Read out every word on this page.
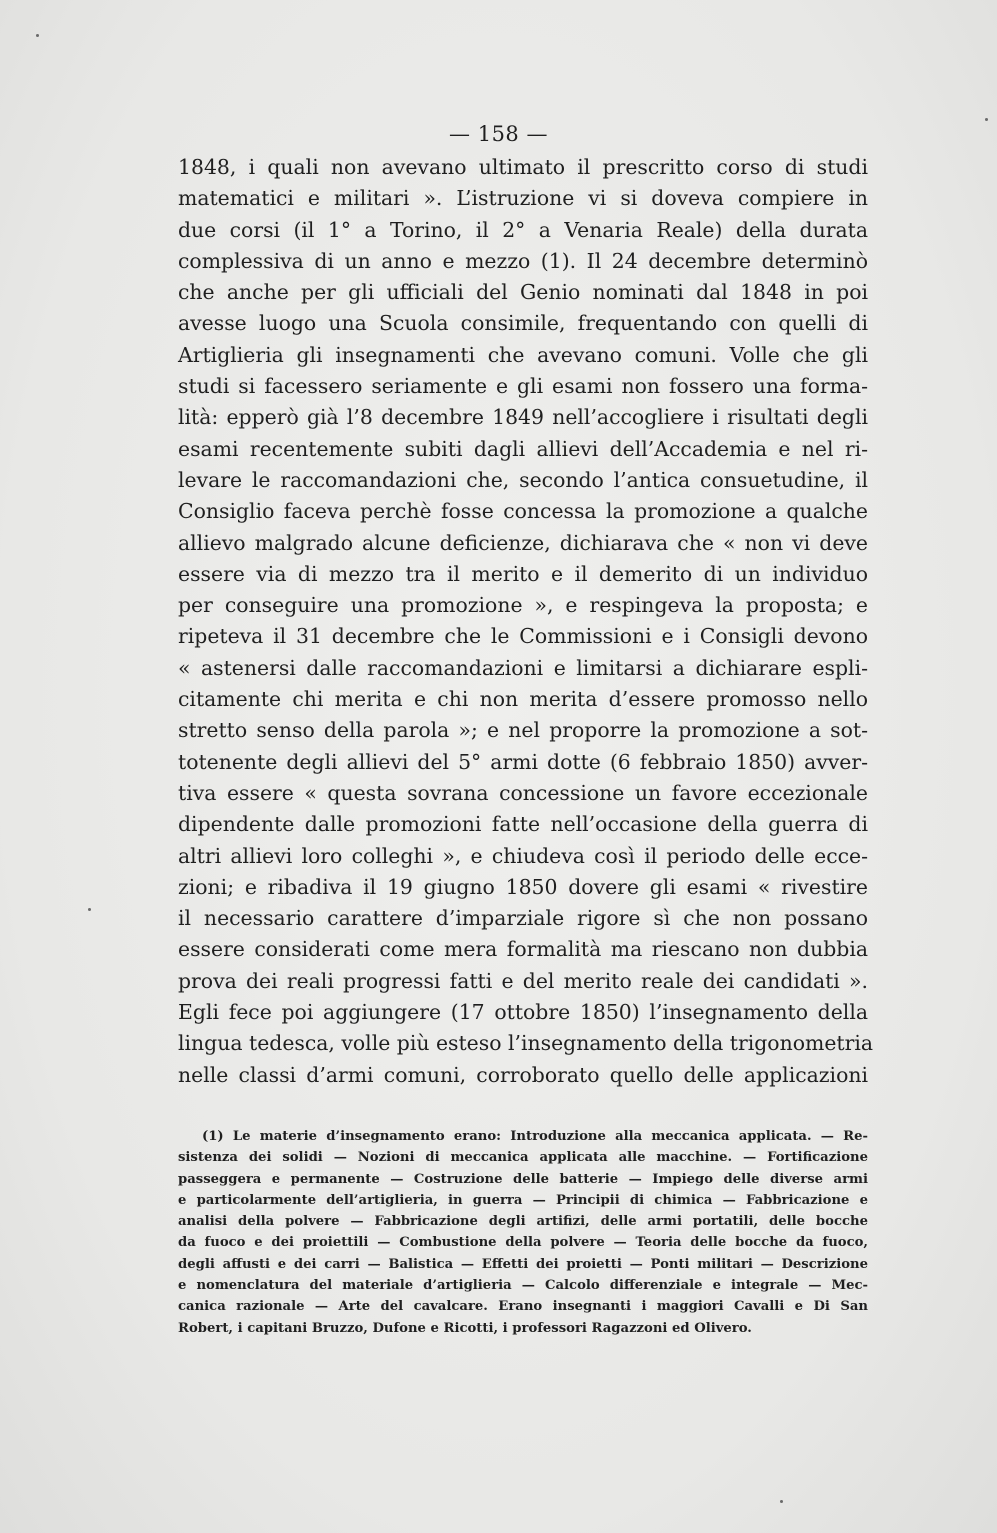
— 158 —
1848, i quali non avevano ultimato il prescritto corso di studi
matematici e militari ». L’istruzione vi si doveva compiere in
due corsi (il 1° a Torino, il 2° a Venaria Reale) della durata
complessiva di un anno e mezzo (1). Il 24 decembre determinò
che anche per gli ufficiali del Genio nominati dal 1848 in poi
avesse luogo una Scuola consimile, frequentando con quelli di
Artiglieria gli insegnamenti che avevano comuni. Volle che gli
studi si facessero seriamente e gli esami non fossero una forma-
lità: epperò già l’8 decembre 1849 nell’accogliere i risultati degli
esami recentemente subiti dagli allievi dell’Accademia e nel ri-
levare le raccomandazioni che, secondo l’antica consuetudine, il
Consiglio faceva perchè fosse concessa la promozione a qualche
allievo malgrado alcune deficienze, dichiarava che « non vi deve
essere via di mezzo tra il merito e il demerito di un individuo
per conseguire una promozione », e respingeva la proposta; e
ripeteva il 31 decembre che le Commissioni e i Consigli devono
« astenersi dalle raccomandazioni e limitarsi a dichiarare espli-
citamente chi merita e chi non merita d’essere promosso nello
stretto senso della parola »; e nel proporre la promozione a sot-
totenente degli allievi del 5° armi dotte (6 febbraio 1850) avver-
tiva essere « questa sovrana concessione un favore eccezionale
dipendente dalle promozioni fatte nell’occasione della guerra di
altri allievi loro colleghi », e chiudeva così il periodo delle ecce-
zioni; e ribadiva il 19 giugno 1850 dovere gli esami « rivestire
il necessario carattere d’imparziale rigore sì che non possano
essere considerati come mera formalità ma riescano non dubbia
prova dei reali progressi fatti e del merito reale dei candidati ».
Egli fece poi aggiungere (17 ottobre 1850) l’insegnamento della
lingua tedesca, volle più esteso l’insegnamento della trigonometria
nelle classi d’armi comuni, corroborato quello delle applicazioni
(1) Le materie d’insegnamento erano: Introduzione alla meccanica applicata. — Re-
sistenza dei solidi — Nozioni di meccanica applicata alle macchine. — Fortificazione
passeggera e permanente — Costruzione delle batterie — Impiego delle diverse armi
e particolarmente dell’artiglieria, in guerra — Principii di chimica — Fabbricazione e
analisi della polvere — Fabbricazione degli artifizi, delle armi portatili, delle bocche
da fuoco e dei proiettili — Combustione della polvere — Teoria delle bocche da fuoco,
degli affusti e dei carri — Balistica — Effetti dei proietti — Ponti militari — Descrizione
e nomenclatura del materiale d’artiglieria — Calcolo differenziale e integrale — Mec-
canica razionale — Arte del cavalcare. Erano insegnanti i maggiori Cavalli e Di San
Robert, i capitani Bruzzo, Dufone e Ricotti, i professori Ragazzoni ed Olivero.
